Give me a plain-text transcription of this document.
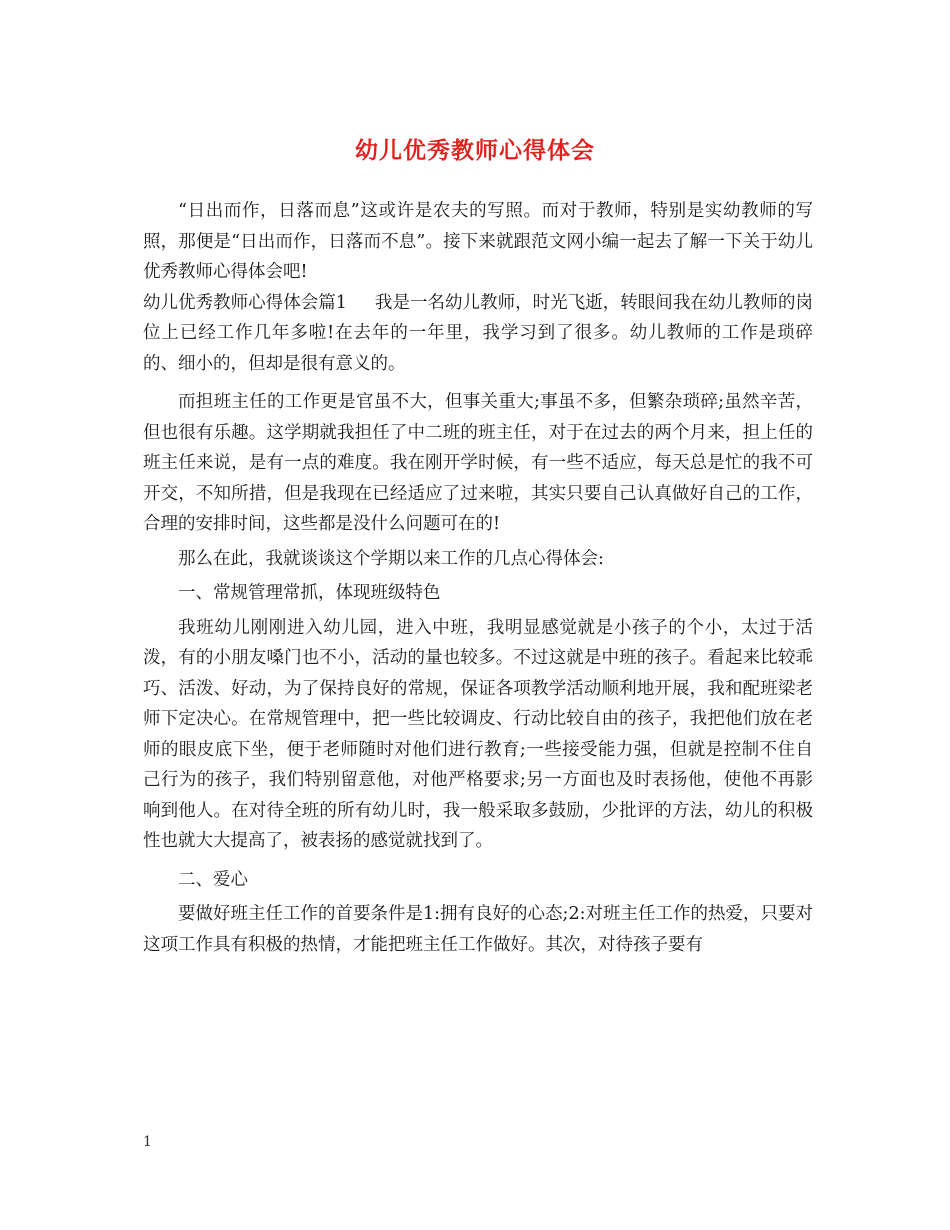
幼儿优秀教师心得体会

“日出而作，日落而息”这或许是农夫的写照。而对于教师，特别是实幼教师的写照，那便是“日出而作，日落而不息”。接下来就跟范文网小编一起去了解一下关于幼儿优秀教师心得体会吧!

幼儿优秀教师心得体会篇1 我是一名幼儿教师，时光飞逝，转眼间我在幼儿教师的岗位上已经工作几年多啦!在去年的一年里，我学习到了很多。幼儿教师的工作是琐碎的、细小的，但却是很有意义的。

而担班主任的工作更是官虽不大，但事关重大;事虽不多，但繁杂琐碎;虽然辛苦，但也很有乐趣。这学期就我担任了中二班的班主任，对于在过去的两个月来，担上任的班主任来说，是有一点的难度。我在刚开学时候，有一些不适应，每天总是忙的我不可开交，不知所措，但是我现在已经适应了过来啦，其实只要自己认真做好自己的工作，合理的安排时间，这些都是没什么问题可在的!

那么在此，我就谈谈这个学期以来工作的几点心得体会:

一、常规管理常抓，体现班级特色

我班幼儿刚刚进入幼儿园，进入中班，我明显感觉就是小孩子的个小，太过于活泼，有的小朋友嗓门也不小，活动的量也较多。不过这就是中班的孩子。看起来比较乖巧、活泼、好动，为了保持良好的常规，保证各项教学活动顺利地开展，我和配班梁老师下定决心。在常规管理中，把一些比较调皮、行动比较自由的孩子，我把他们放在老师的眼皮底下坐，便于老师随时对他们进行教育;一些接受能力强，但就是控制不住自己行为的孩子，我们特别留意他，对他严格要求;另一方面也及时表扬他，使他不再影响到他人。在对待全班的所有幼儿时，我一般采取多鼓励，少批评的方法，幼儿的积极性也就大大提高了，被表扬的感觉就找到了。

二、爱心

要做好班主任工作的首要条件是1:拥有良好的心态;2:对班主任工作的热爱，只要对这项工作具有积极的热情，才能把班主任工作做好。其次，对待孩子要有

1
